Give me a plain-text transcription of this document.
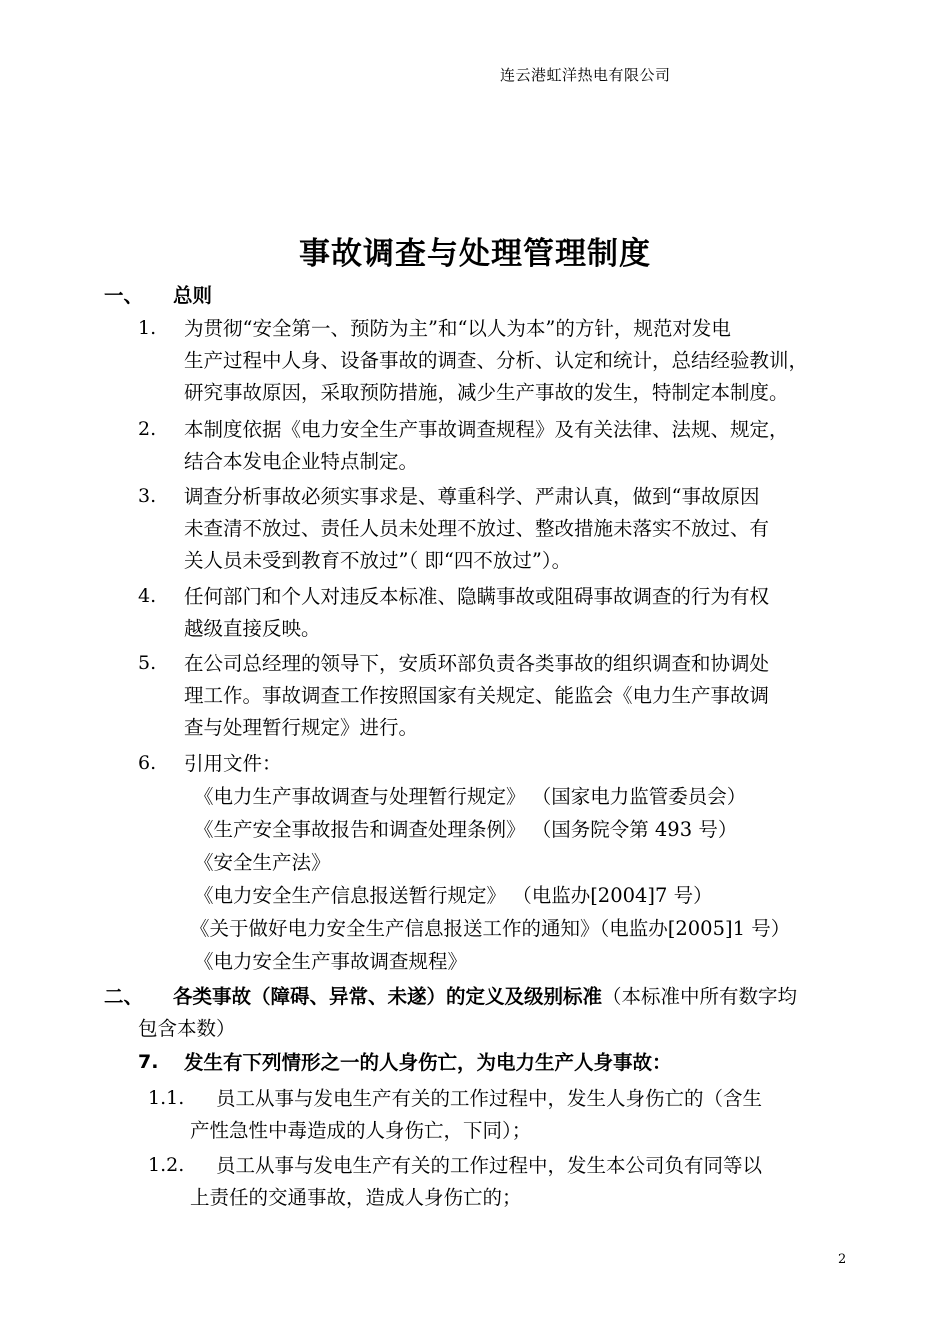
连云港虹洋热电有限公司
事故调查与处理管理制度
一、 总则
1. 为贯彻“安全第一、预防为主”和“以人为本”的方针，规范对发电
生产过程中人身、设备事故的调查、分析、认定和统计，总结经验教训，
研究事故原因，采取预防措施，减少生产事故的发生，特制定本制度。
2. 本制度依据《电力安全生产事故调查规程》及有关法律、法规、规定，
结合本发电企业特点制定。
3. 调查分析事故必须实事求是、尊重科学、严肃认真，做到“事故原因
未查清不放过、责任人员未处理不放过、整改措施未落实不放过、有
关人员未受到教育不放过”（ 即“四不放过”）。
4. 任何部门和个人对违反本标准、隐瞒事故或阻碍事故调查的行为有权
越级直接反映。
5. 在公司总经理的领导下，安质环部负责各类事故的组织调查和协调处
理工作。事故调查工作按照国家有关规定、能监会《电力生产事故调
查与处理暂行规定》进行。
6. 引用文件：
《电力生产事故调查与处理暂行规定》 （国家电力监管委员会）
《生产安全事故报告和调查处理条例》 （国务院令第 493 号）
《安全生产法》
《电力安全生产信息报送暂行规定》 （电监办[2004]7 号）
《关于做好电力安全生产信息报送工作的通知》（电监办[2005]1 号）
《电力安全生产事故调查规程》
二、 各类事故（障碍、异常、未遂）的定义及级别标准（本标准中所有数字均
包含本数）
7. 发生有下列情形之一的人身伤亡，为电力生产人身事故：
1.1. 员工从事与发电生产有关的工作过程中，发生人身伤亡的（含生
产性急性中毒造成的人身伤亡，下同）；
1.2. 员工从事与发电生产有关的工作过程中，发生本公司负有同等以
上责任的交通事故，造成人身伤亡的；
2
